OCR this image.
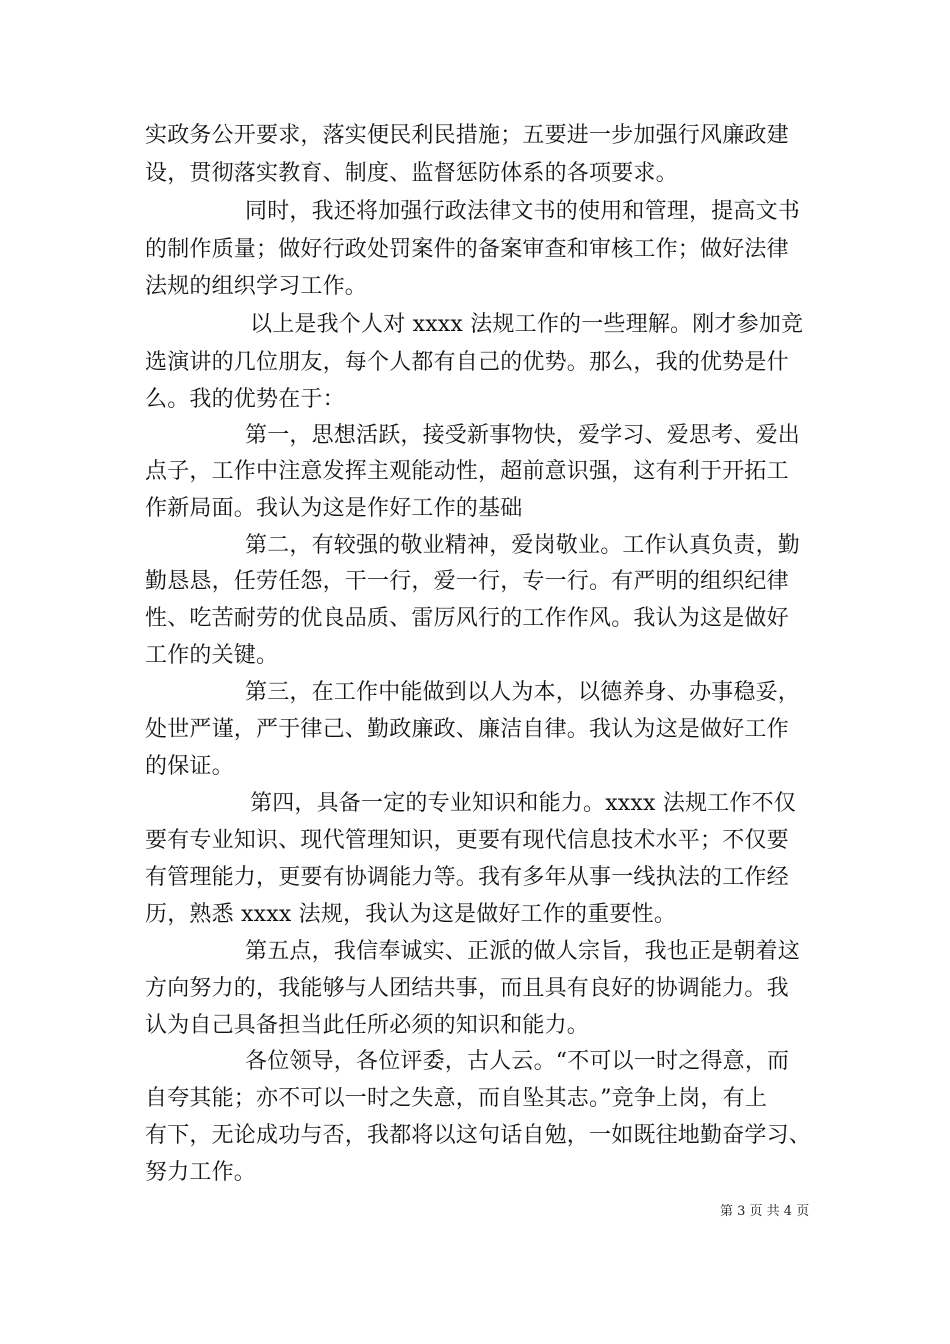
实政务公开要求，落实便民利民措施；五要进一步加强行风廉政建
设，贯彻落实教育、制度、监督惩防体系的各项要求。
同时，我还将加强行政法律文书的使用和管理，提高文书
的制作质量；做好行政处罚案件的备案审查和审核工作；做好法律
法规的组织学习工作。
以上是我个人对 xxxx 法规工作的一些理解。刚才参加竞
选演讲的几位朋友，每个人都有自己的优势。那么，我的优势是什
么。我的优势在于：
第一，思想活跃，接受新事物快，爱学习、爱思考、爱出
点子，工作中注意发挥主观能动性，超前意识强，这有利于开拓工
作新局面。我认为这是作好工作的基础
第二，有较强的敬业精神，爱岗敬业。工作认真负责，勤
勤恳恳，任劳任怨，干一行，爱一行，专一行。有严明的组织纪律
性、吃苦耐劳的优良品质、雷厉风行的工作作风。我认为这是做好
工作的关键。
第三，在工作中能做到以人为本，以德养身、办事稳妥，
处世严谨，严于律己、勤政廉政、廉洁自律。我认为这是做好工作
的保证。
第四，具备一定的专业知识和能力。xxxx 法规工作不仅
要有专业知识、现代管理知识，更要有现代信息技术水平；不仅要
有管理能力，更要有协调能力等。我有多年从事一线执法的工作经
历，熟悉 xxxx 法规，我认为这是做好工作的重要性。
第五点，我信奉诚实、正派的做人宗旨，我也正是朝着这
方向努力的，我能够与人团结共事，而且具有良好的协调能力。我
认为自己具备担当此任所必须的知识和能力。
各位领导，各位评委，古人云。“不可以一时之得意，而
自夸其能；亦不可以一时之失意，而自坠其志。”竞争上岗，有上
有下，无论成功与否，我都将以这句话自勉，一如既往地勤奋学习、
努力工作。
第 3 页 共 4 页
